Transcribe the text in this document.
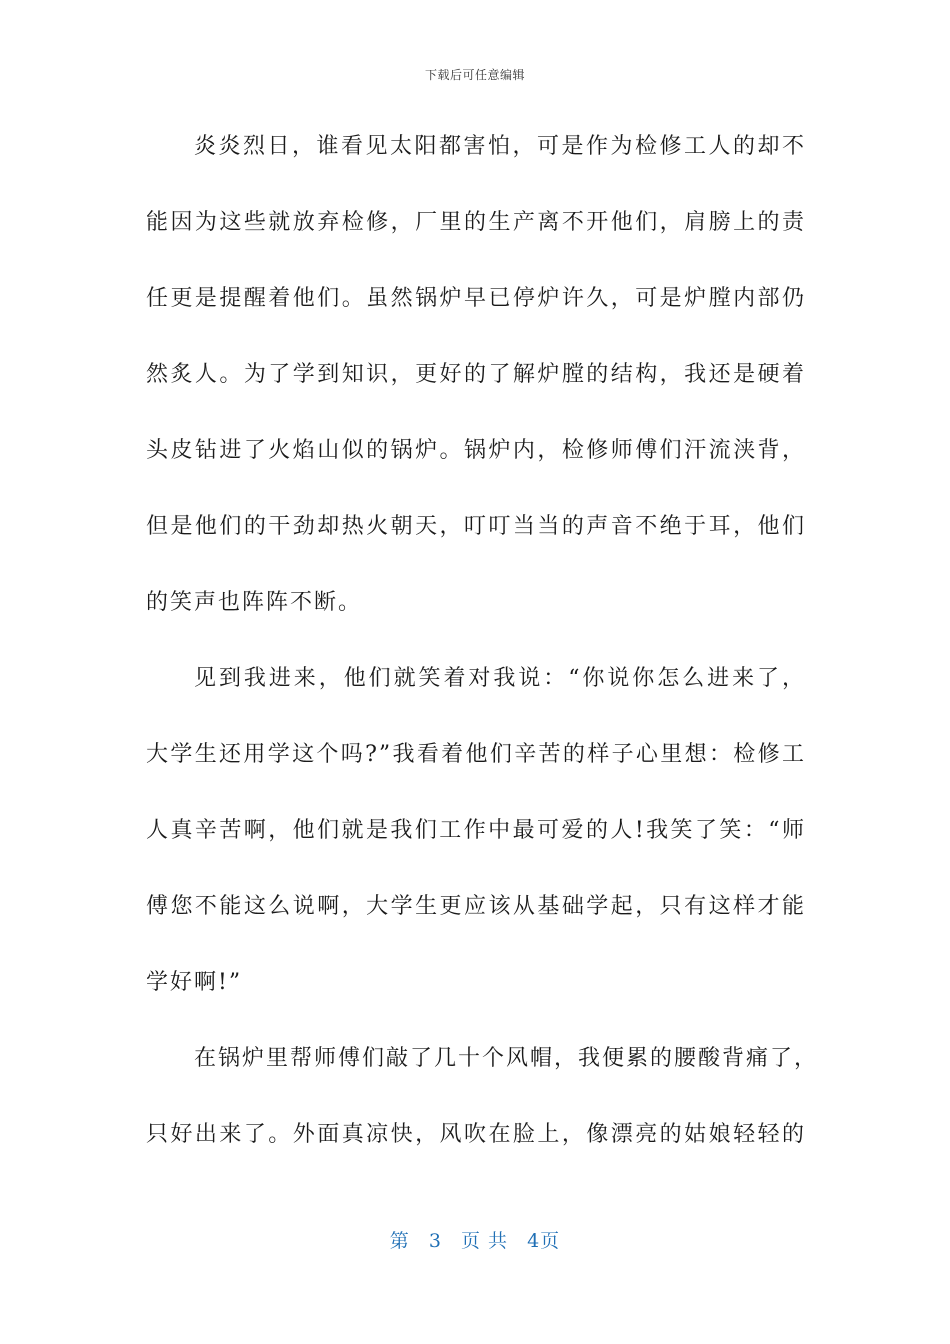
下载后可任意编辑
炎炎烈日，谁看见太阳都害怕，可是作为检修工人的却不
能因为这些就放弃检修，厂里的生产离不开他们，肩膀上的责
任更是提醒着他们。虽然锅炉早已停炉许久，可是炉膛内部仍
然炙人。为了学到知识，更好的了解炉膛的结构，我还是硬着
头皮钻进了火焰山似的锅炉。锅炉内，检修师傅们汗流浃背，
但是他们的干劲却热火朝天，叮叮当当的声音不绝于耳，他们
的笑声也阵阵不断。
见到我进来，他们就笑着对我说：“你说你怎么进来了，
大学生还用学这个吗?”我看着他们辛苦的样子心里想：检修工
人真辛苦啊，他们就是我们工作中最可爱的人!我笑了笑：“师
傅您不能这么说啊，大学生更应该从基础学起，只有这样才能
学好啊!”
在锅炉里帮师傅们敲了几十个风帽，我便累的腰酸背痛了，
只好出来了。外面真凉快，风吹在脸上，像漂亮的姑娘轻轻的
第 3 页 共 4页
